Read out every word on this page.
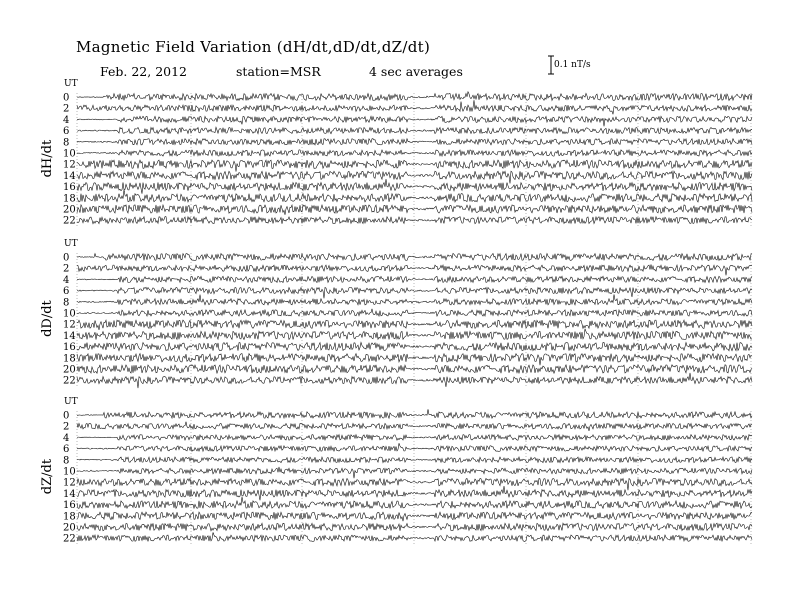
UT
dH/dt
0
2
4
6
8
10
12
14
16
18
20
22
UT
dD/dt
0
2
4
6
8
10
12
14
16
18
20
22
UT
dZ/dt
0
2
4
6
8
10
12
14
16
18
20
22
Magnetic Field Variation (dH/dt,dD/dt,dZ/dt)
Feb. 22, 2012	station=MSR	4 sec averages	0.1 nT/s
